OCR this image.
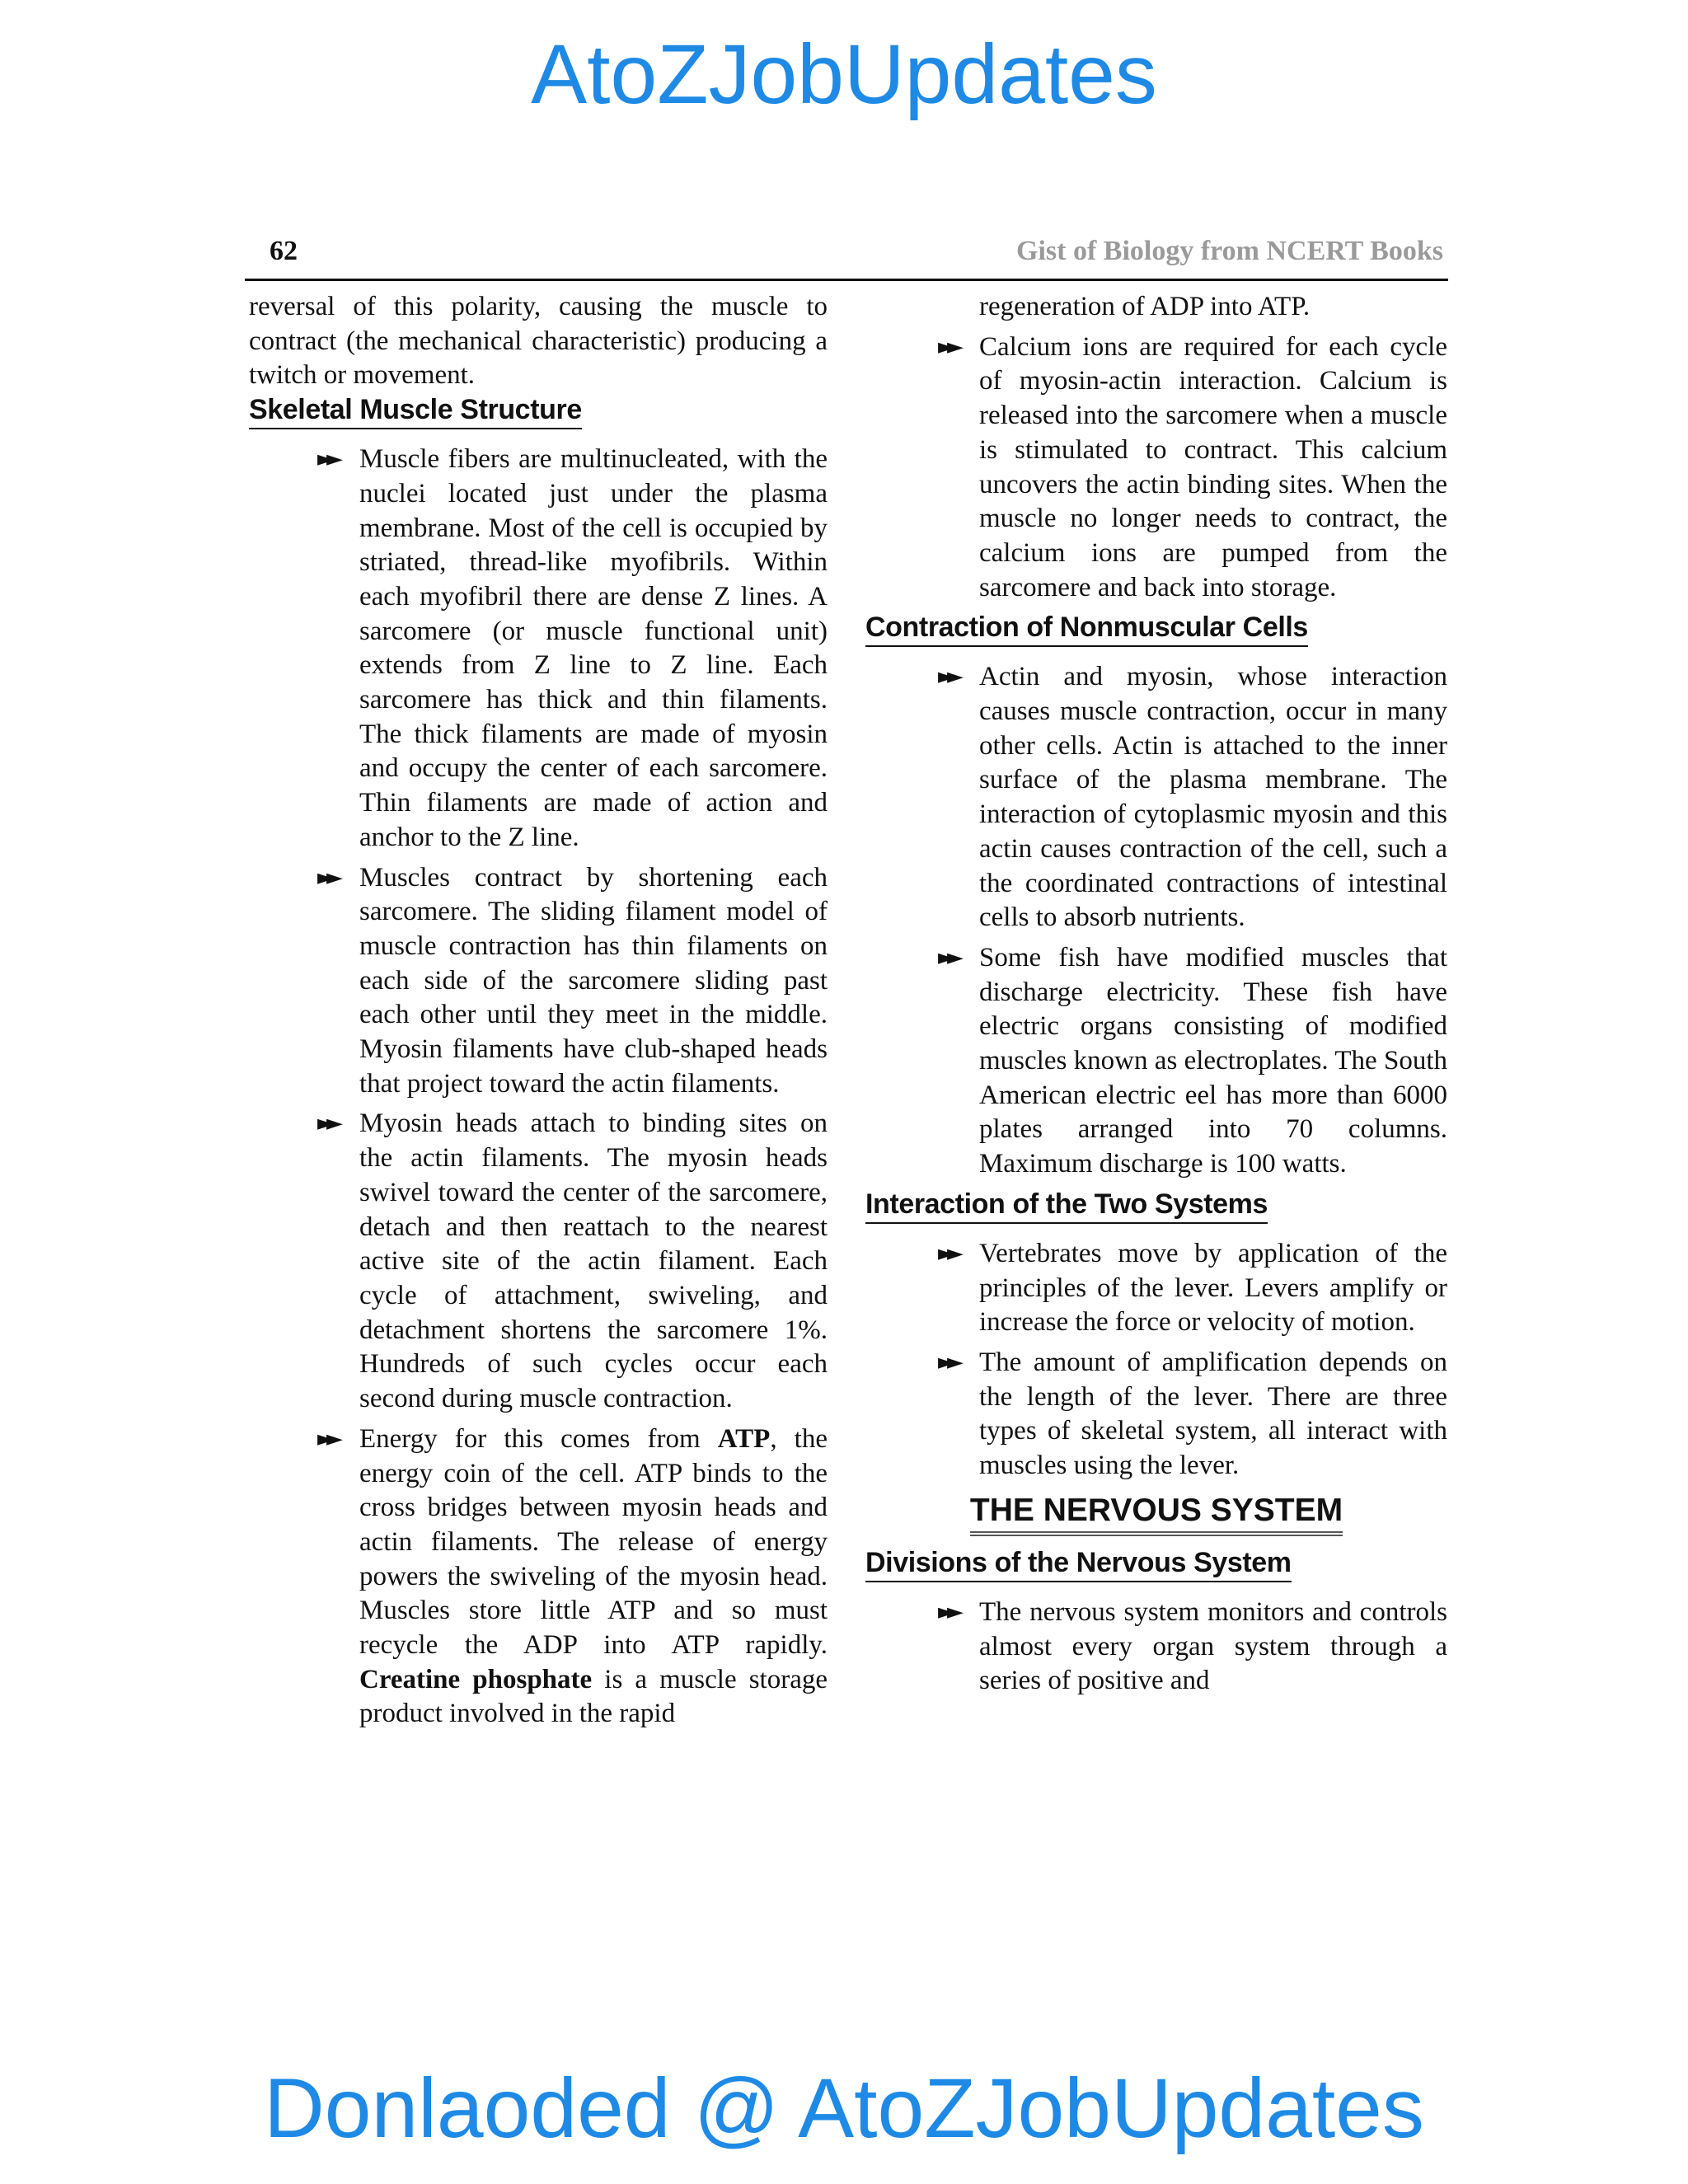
AtoZJobUpdates
62	Gist of Biology from NCERT Books

reversal of this polarity, causing the muscle to contract (the mechanical characteristic) producing a twitch or movement.

Skeletal Muscle Structure
►► Muscle fibers are multinucleated, with the nuclei located just under the plasma membrane. Most of the cell is occupied by striated, thread-like myofibrils. Within each myofibril there are dense Z lines. A sarcomere (or muscle functional unit) extends from Z line to Z line. Each sarcomere has thick and thin filaments. The thick filaments are made of myosin and occupy the center of each sarcomere. Thin filaments are made of action and anchor to the Z line.

►► Muscles contract by shortening each sarcomere. The sliding filament model of muscle contraction has thin filaments on each side of the sarcomere sliding past each other until they meet in the middle. Myosin filaments have club-shaped heads that project toward the actin filaments.

►► Myosin heads attach to binding sites on the actin filaments. The myosin heads swivel toward the center of the sarcomere, detach and then reattach to the nearest active site of the actin filament. Each cycle of attachment, swiveling, and detachment shortens the sarcomere 1%. Hundreds of such cycles occur each second during muscle contraction.

►► Energy for this comes from ATP, the energy coin of the cell. ATP binds to the cross bridges between myosin heads and actin filaments. The release of energy powers the swiveling of the myosin head. Muscles store little ATP and so must recycle the ADP into ATP rapidly. Creatine phosphate is a muscle storage product involved in the rapid

regeneration of ADP into ATP.

►► Calcium ions are required for each cycle of myosin-actin interaction. Calcium is released into the sarcomere when a muscle is stimulated to contract. This calcium uncovers the actin binding sites. When the muscle no longer needs to contract, the calcium ions are pumped from the sarcomere and back into storage.

Contraction of Nonmuscular Cells
►► Actin and myosin, whose interaction causes muscle contraction, occur in many other cells. Actin is attached to the inner surface of the plasma membrane. The interaction of cytoplasmic myosin and this actin causes contraction of the cell, such a the coordinated contractions of intestinal cells to absorb nutrients.

►► Some fish have modified muscles that discharge electricity. These fish have electric organs consisting of modified muscles known as electroplates. The South American electric eel has more than 6000 plates arranged into 70 columns. Maximum discharge is 100 watts.

Interaction of the Two Systems
►► Vertebrates move by application of the principles of the lever. Levers amplify or increase the force or velocity of motion.

►► The amount of amplification depends on the length of the lever. There are three types of skeletal system, all interact with muscles using the lever.

THE NERVOUS SYSTEM
Divisions of the Nervous System
►► The nervous system monitors and controls almost every organ system through a series of positive and

Donlaoded @ AtoZJobUpdates
